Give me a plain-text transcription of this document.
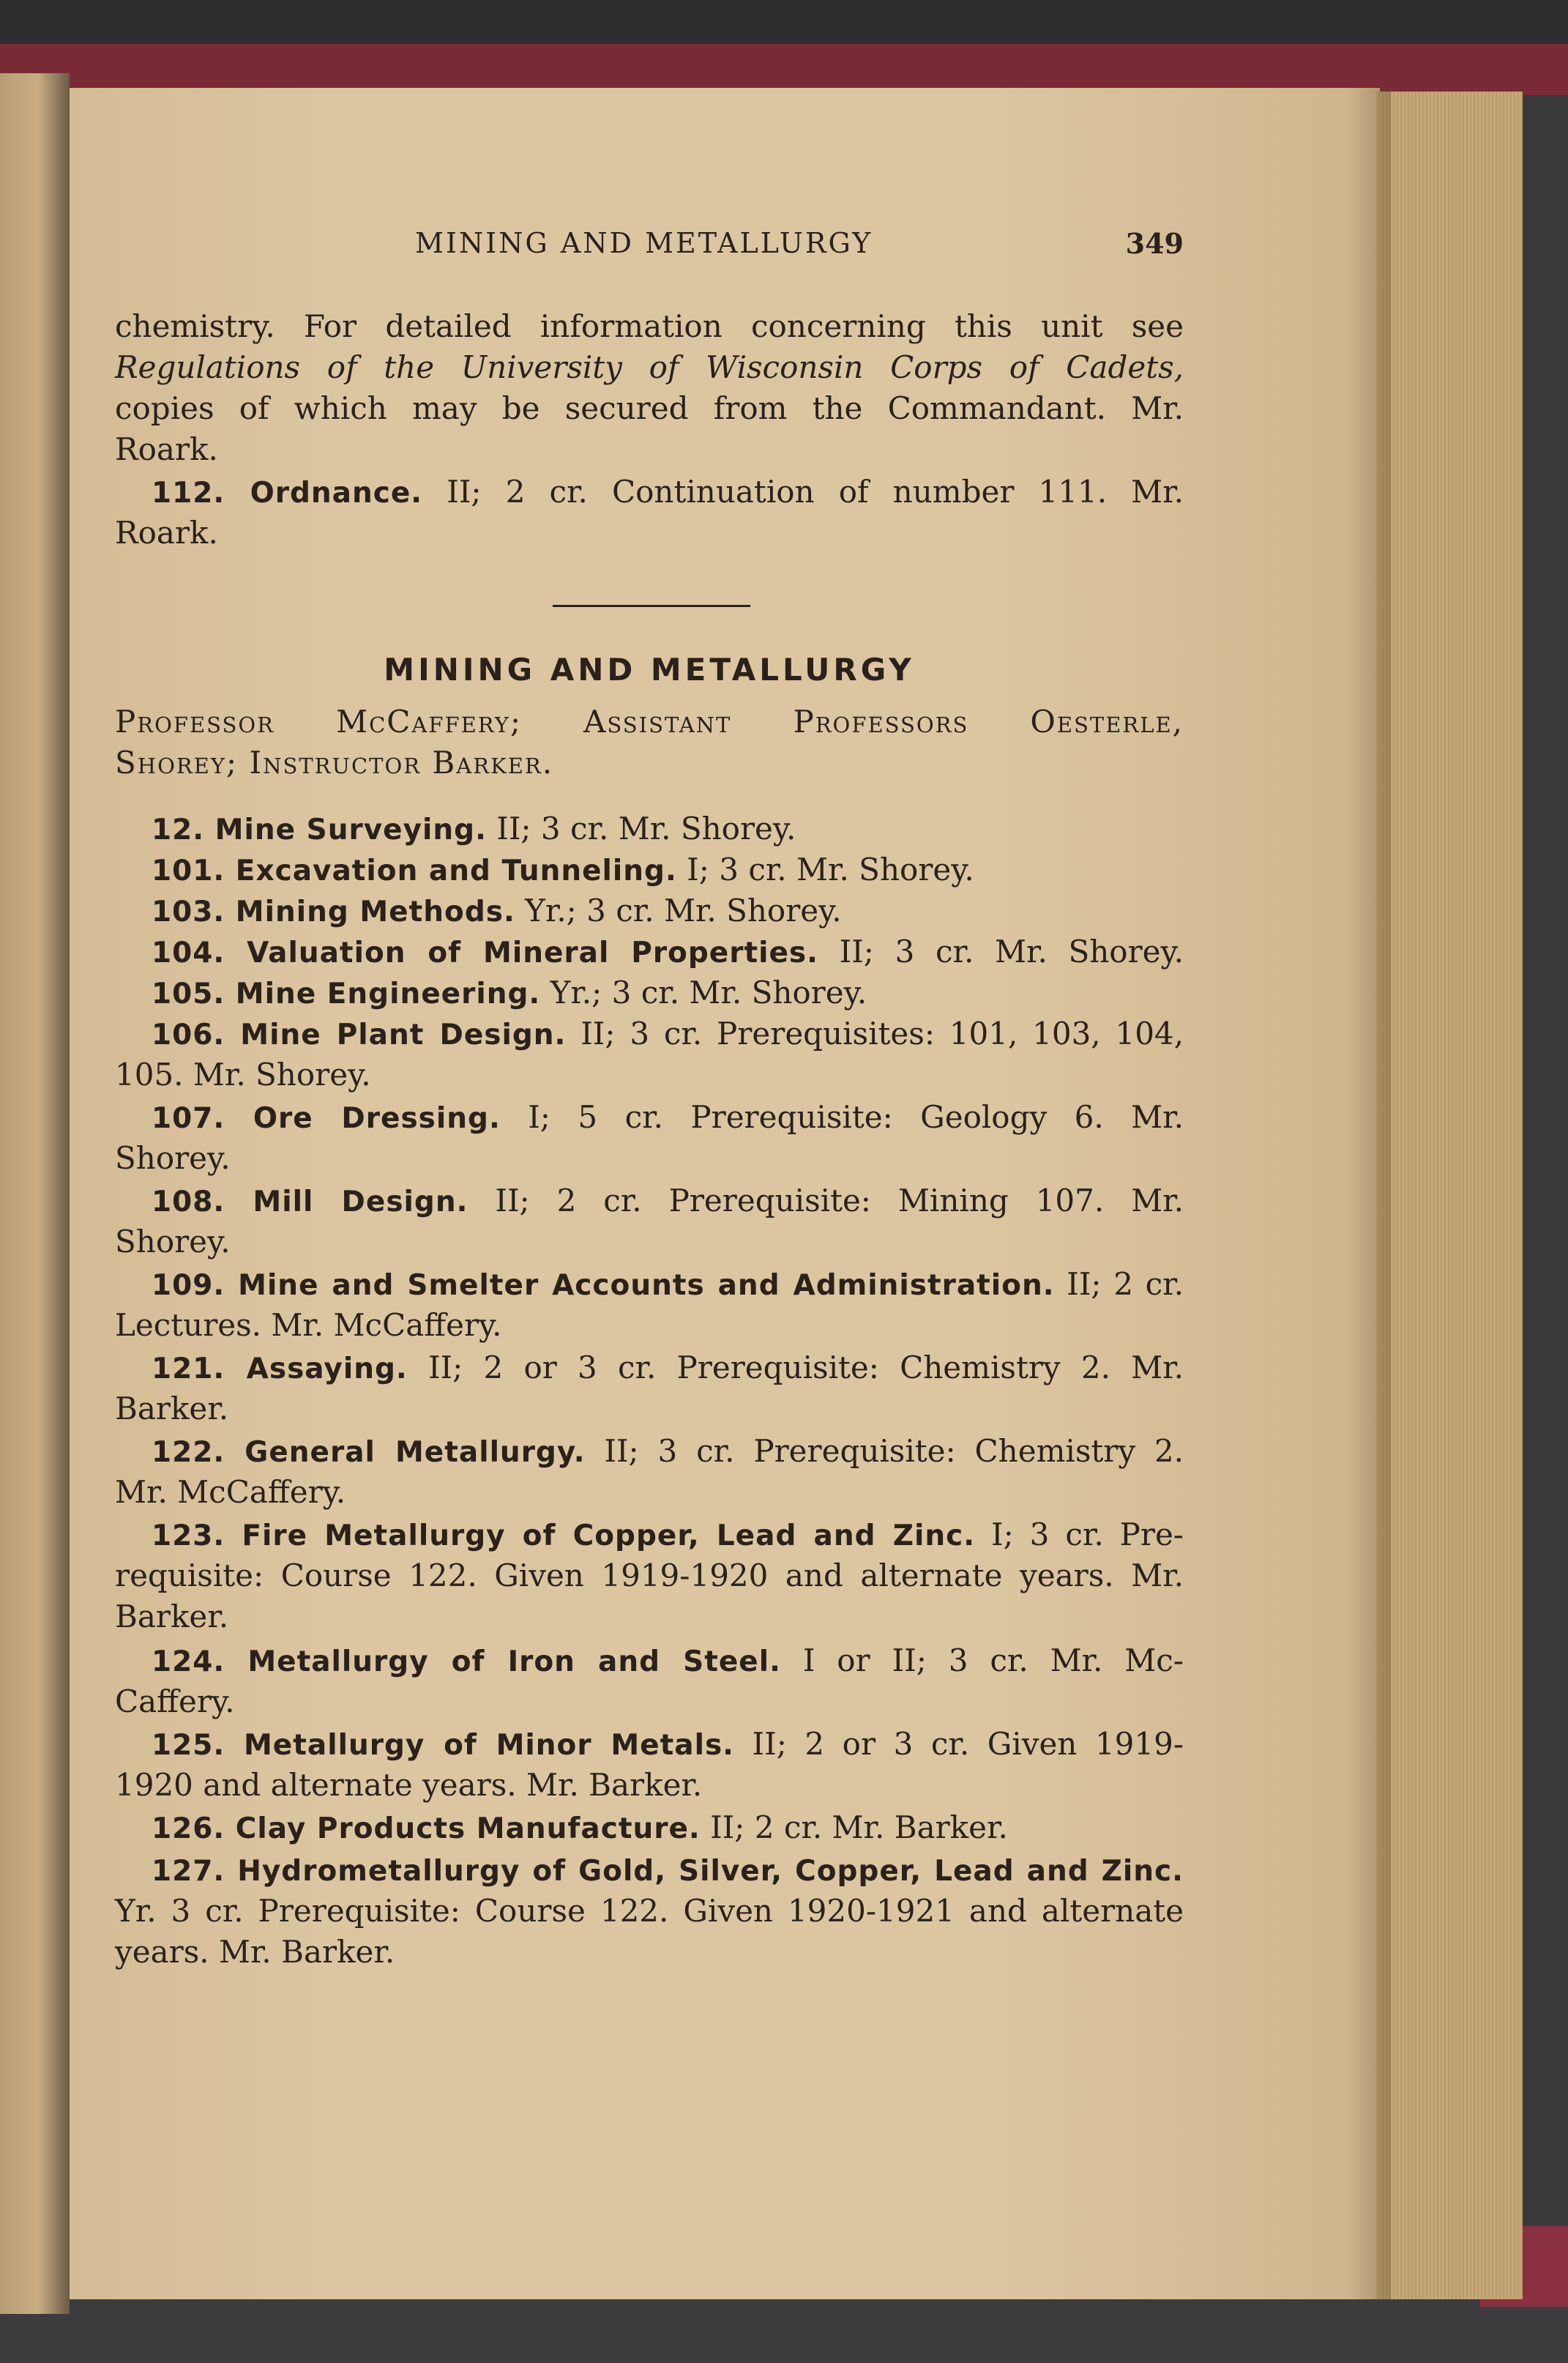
MINING AND METALLURGY	349
chemistry. For detailed information concerning this unit see
Regulations of the University of Wisconsin Corps of Cadets,
copies of which may be secured from the Commandant. Mr.
Roark.
112. Ordnance. II; 2 cr. Continuation of number 111. Mr.
Roark.
MINING AND METALLURGY
Professor McCaffery; Assistant Professors Oesterle,
Shorey; Instructor Barker.
12. Mine Surveying. II; 3 cr. Mr. Shorey.
101. Excavation and Tunneling. I; 3 cr. Mr. Shorey.
103. Mining Methods. Yr.; 3 cr. Mr. Shorey.
104. Valuation of Mineral Properties. II; 3 cr. Mr. Shorey.
105. Mine Engineering. Yr.; 3 cr. Mr. Shorey.
106. Mine Plant Design. II; 3 cr. Prerequisites: 101, 103, 104,
105. Mr. Shorey.
107. Ore Dressing. I; 5 cr. Prerequisite: Geology 6. Mr.
Shorey.
108. Mill Design. II; 2 cr. Prerequisite: Mining 107. Mr.
Shorey.
109. Mine and Smelter Accounts and Administration. II; 2 cr.
Lectures. Mr. McCaffery.
121. Assaying. II; 2 or 3 cr. Prerequisite: Chemistry 2. Mr.
Barker.
122. General Metallurgy. II; 3 cr. Prerequisite: Chemistry 2.
Mr. McCaffery.
123. Fire Metallurgy of Copper, Lead and Zinc. I; 3 cr. Pre-
requisite: Course 122. Given 1919-1920 and alternate years. Mr.
Barker.
124. Metallurgy of Iron and Steel. I or II; 3 cr. Mr. Mc-
Caffery.
125. Metallurgy of Minor Metals. II; 2 or 3 cr. Given 1919-
1920 and alternate years. Mr. Barker.
126. Clay Products Manufacture. II; 2 cr. Mr. Barker.
127. Hydrometallurgy of Gold, Silver, Copper, Lead and Zinc.
Yr. 3 cr. Prerequisite: Course 122. Given 1920-1921 and alternate
years. Mr. Barker.
